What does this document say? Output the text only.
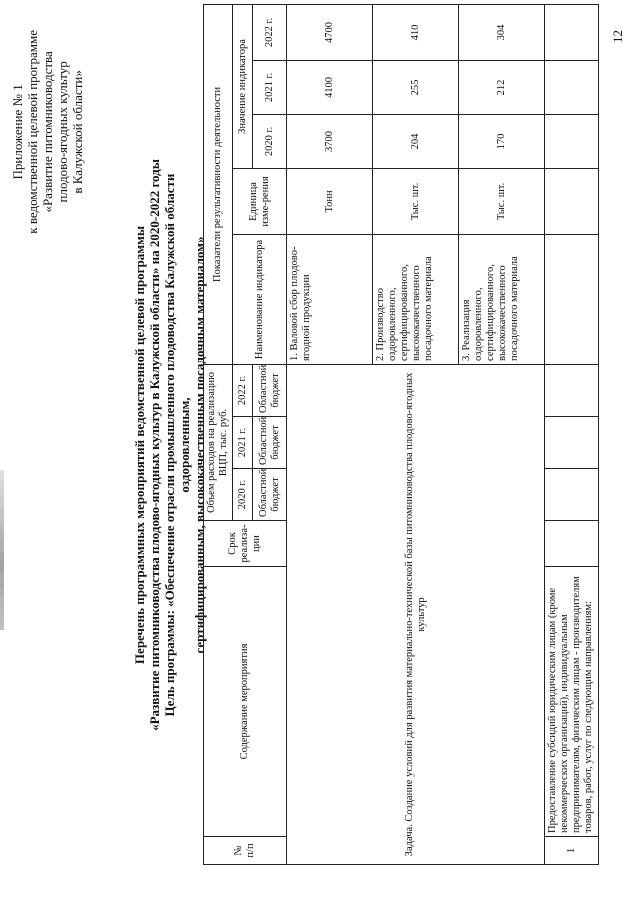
Приложение № 1 к ведомственной целевой программе «Развитие питомниководства плодово-ягодных культур в Калужской области»
Перечень программных мероприятий ведомственной целевой программы «Развитие питомниководства плодово-ягодных культур в Калужской области» на 2020-2022 годы Цель программы: «Обеспечение отрасли промышленного плодоводства Калужской области оздоровленным, сертифицированным, высококачественным посадочным материалом»
№ п/п	Содержание мероприятия	Срок реализа-ции	Объем расходов на реализацию ВЦП, тыс. руб.			Показатели результативности деятельности				
			2020 г.	2021 г.	2022 г.	Наименование индикатора	Единица изме-рения	Значение индикатора		
			Областной бюджет	Областной бюджет	Областной бюджет			2020 г.	2021 г.	2022 г.
Задача. Создание условий для развития материально-технической базы питомниководства плодово-ягодных культур						1. Валовой сбор плодово-ягодной продукции	Тонн	3700	4100	4700
						2. Производство оздоровленного, сертифицированного, высококачественного посадочного материала	Тыс. шт.	204	255	410
						3. Реализация оздоровленного, сертифицированного, высококачественного посадочного материала	Тыс. шт.	170	212	304
1	Предоставление субсидий юридическим лицам (кроме некоммерческих организаций), индивидуальным предпринимателям, физическим лицам - производителям товаров, работ, услуг по следующим направлениям:									
12
